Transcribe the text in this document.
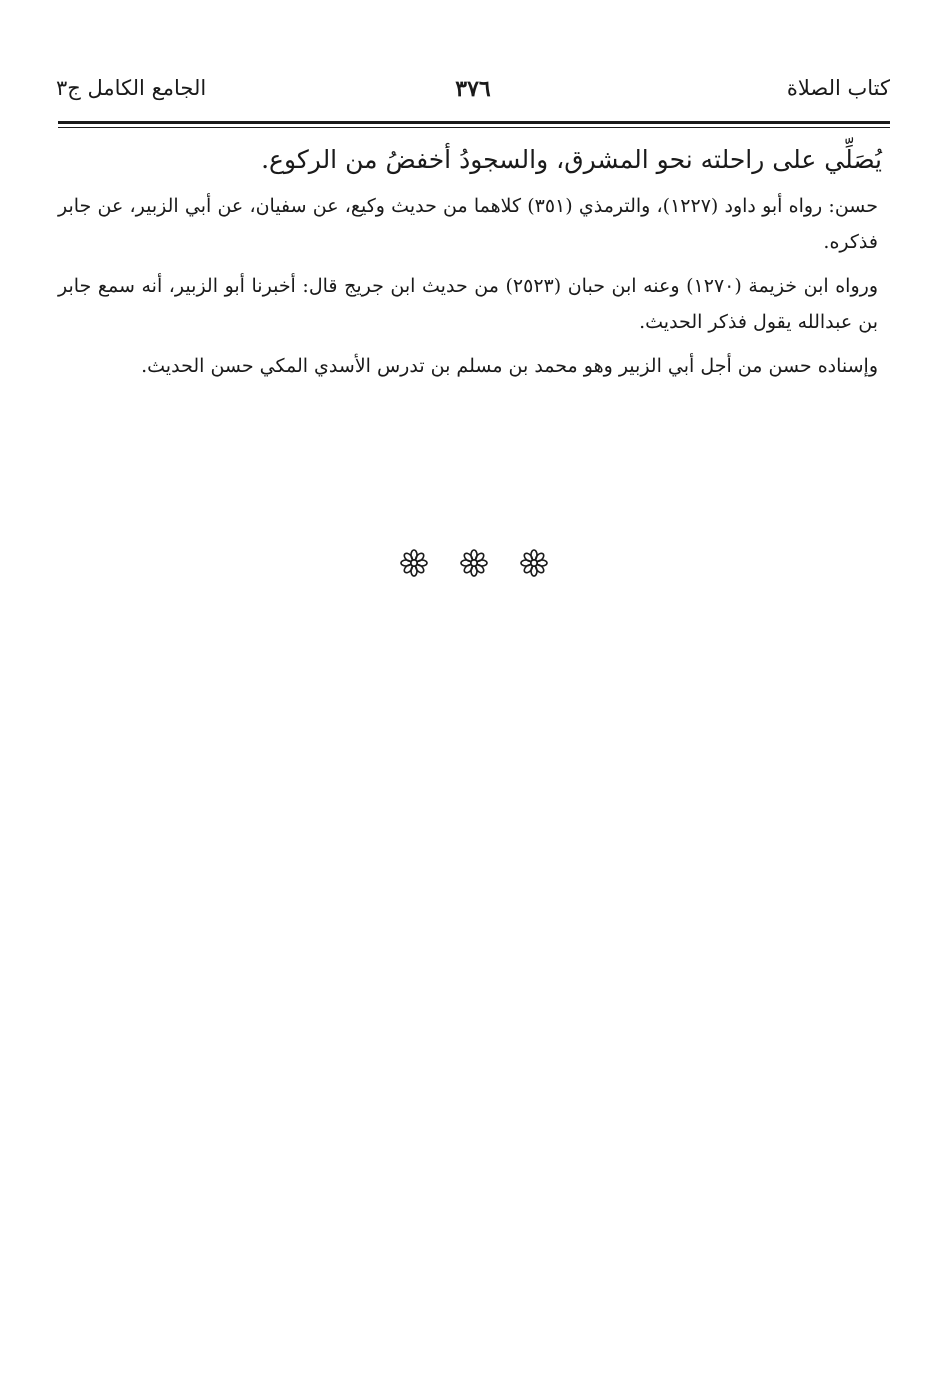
كتاب الصلاة
٣٧٦
الجامع الكامل ج٣

يُصَلِّي على راحلته نحو المشرق، والسجودُ أخفضُ من الركوع.

حسن: رواه أبو داود (١٢٢٧)، والترمذي (٣٥١) كلاهما من حديث وكيع، عن سفيان، عن أبي الزبير، عن جابر فذكره.

ورواه ابن خزيمة (١٢٧٠) وعنه ابن حبان (٢٥٢٣) من حديث ابن جريج قال: أخبرنا أبو الزبير، أنه سمع جابر بن عبدالله يقول فذكر الحديث.

وإسناده حسن من أجل أبي الزبير وهو محمد بن مسلم بن تدرس الأسدي المكي حسن الحديث.
